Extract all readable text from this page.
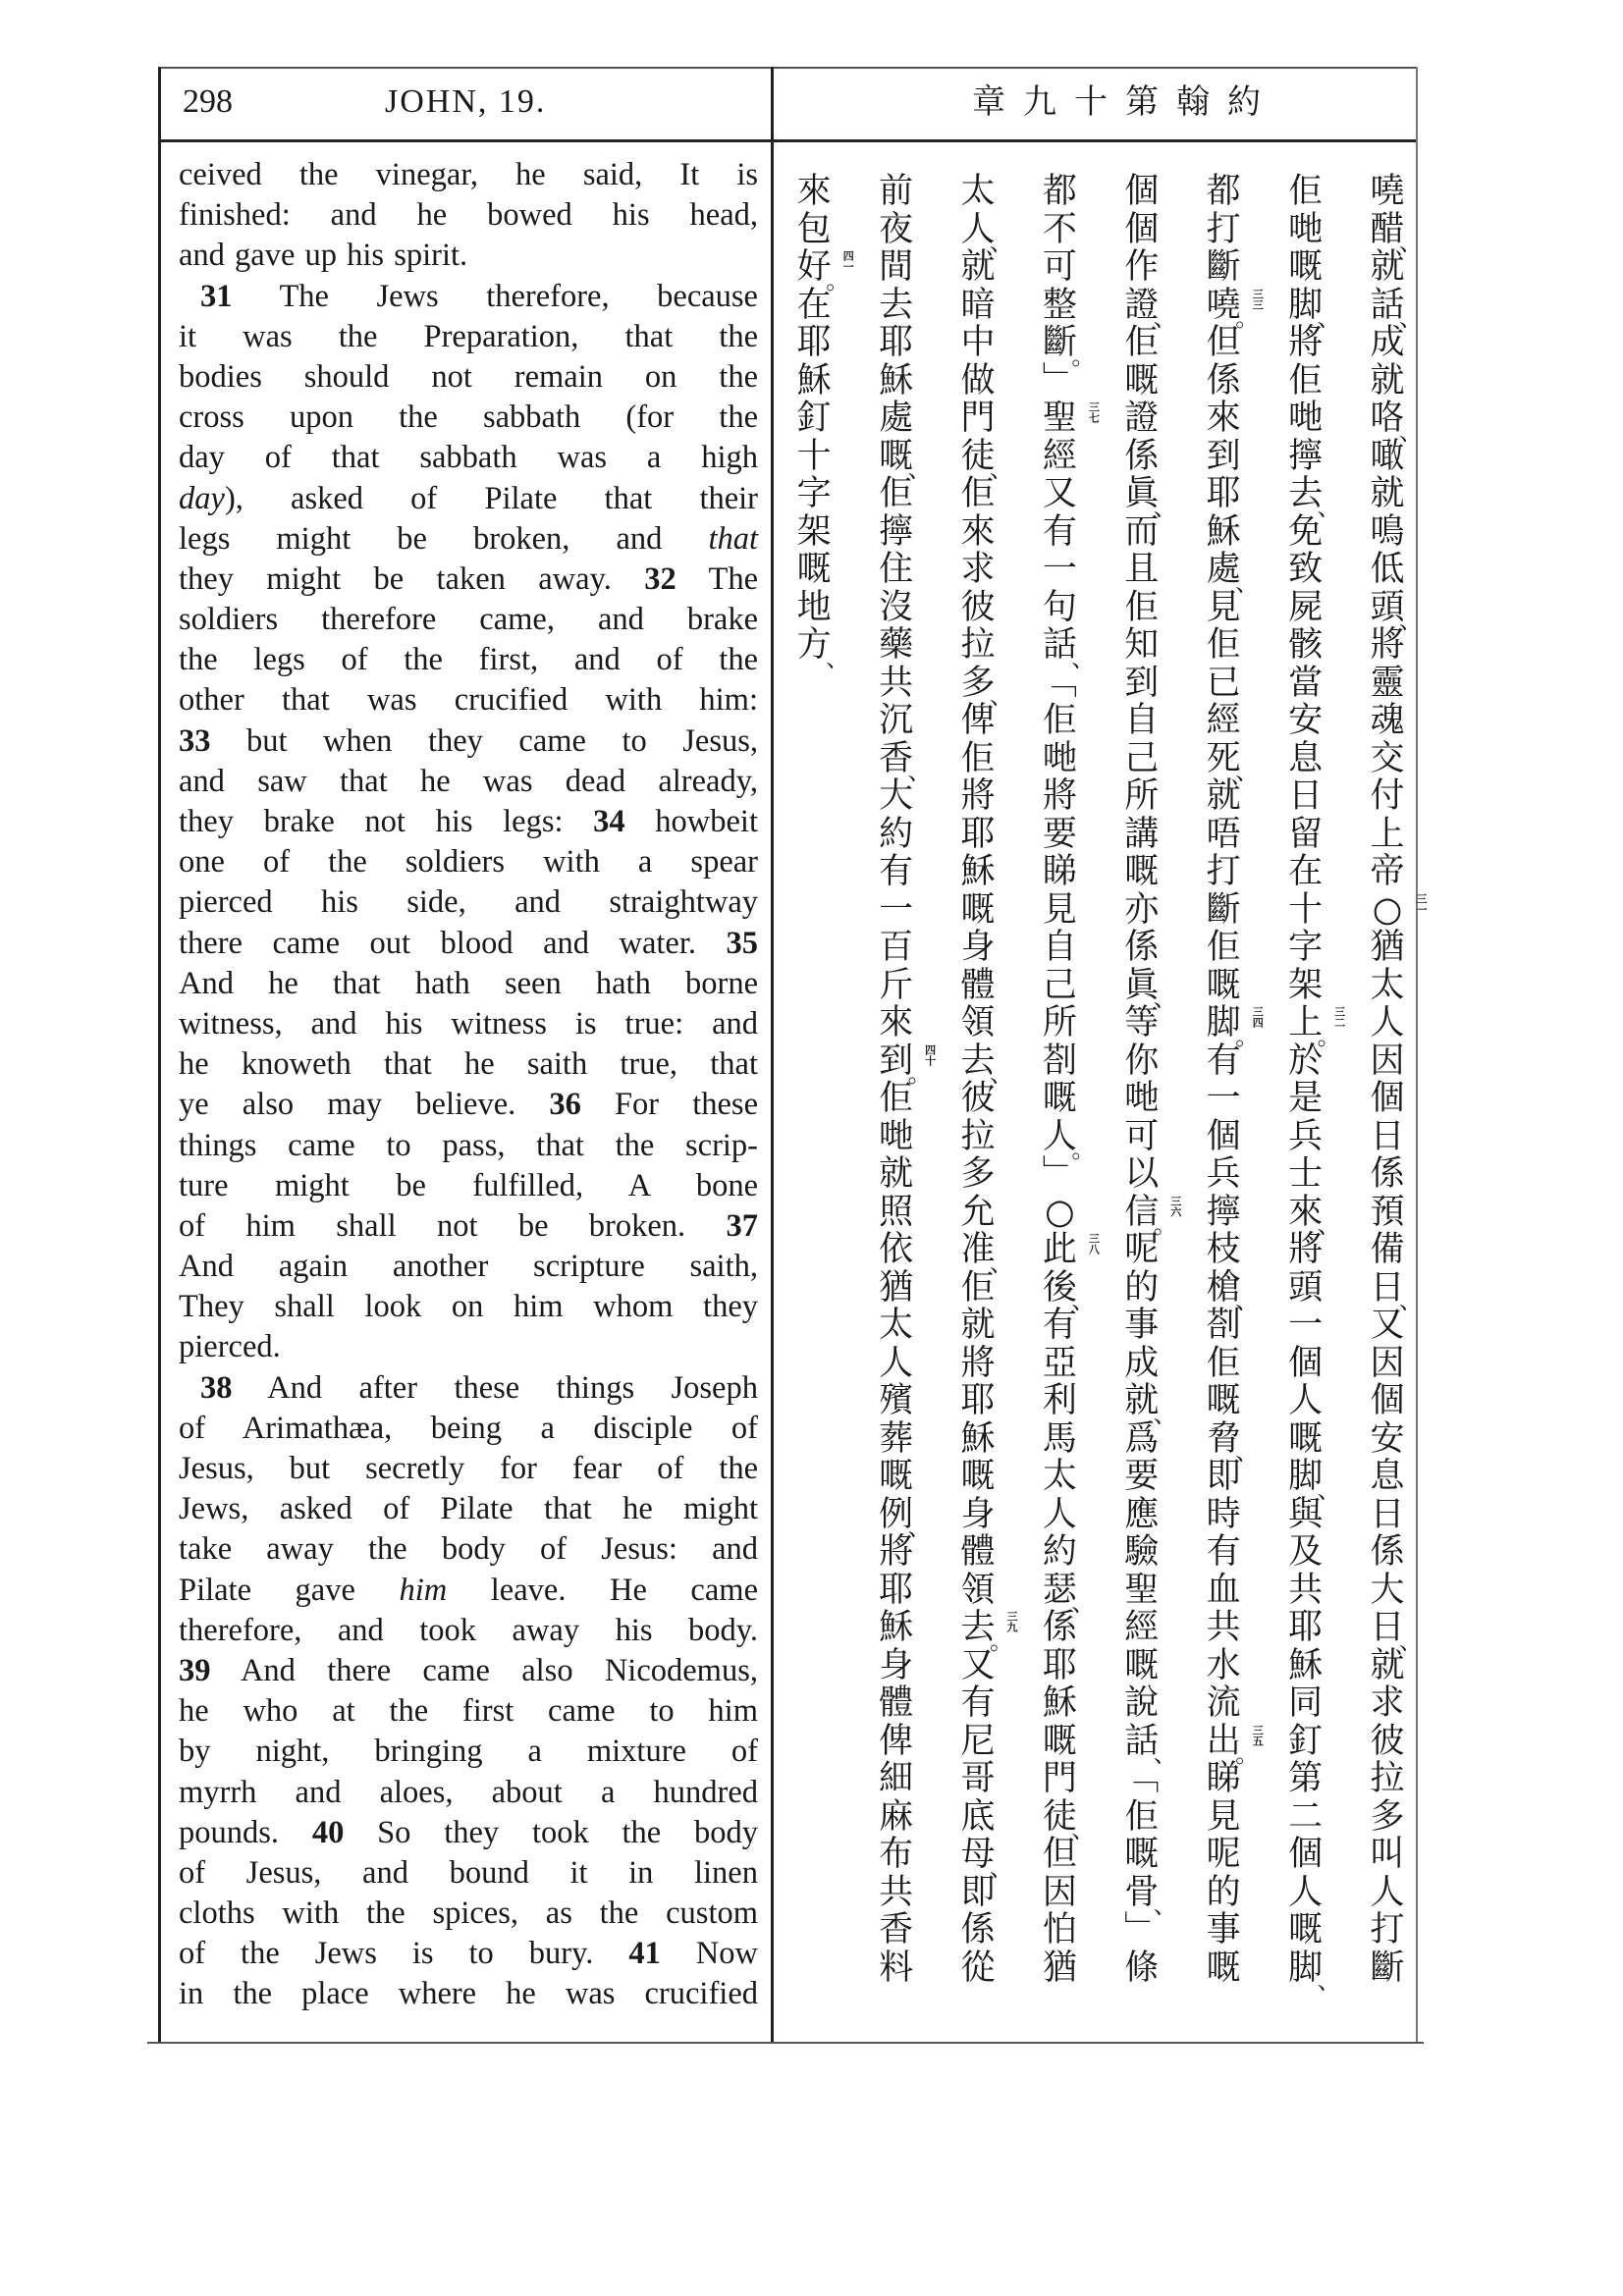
298	JOHN, 19.	約翰第十九章
ceived the vinegar, he said, It is
finished: and he bowed his head,
and gave up his spirit.
31 The Jews therefore, because
it was the Preparation, that the
bodies should not remain on the
cross upon the sabbath (for the
day of that sabbath was a high
day), asked of Pilate that their
legs might be broken, and that
they might be taken away. 32 The
soldiers therefore came, and brake
the legs of the first, and of the
other that was crucified with him:
33 but when they came to Jesus,
and saw that he was dead already,
they brake not his legs: 34 howbeit
one of the soldiers with a spear
pierced his side, and straightway
there came out blood and water. 35
And he that hath seen hath borne
witness, and his witness is true: and
he knoweth that he saith true, that
ye also may believe. 36 For these
things came to pass, that the scrip-
ture might be fulfilled, A bone
of him shall not be broken. 37
And again another scripture saith,
They shall look on him whom they
pierced.
38 And after these things Joseph
of Arimathæa, being a disciple of
Jesus, but secretly for fear of the
Jews, asked of Pilate that he might
take away the body of Jesus: and
Pilate gave him leave. He came
therefore, and took away his body.
39 And there came also Nicodemus,
he who at the first came to him
by night, bringing a mixture of
myrrh and aloes, about a hundred
pounds. 40 So they took the body
of Jesus, and bound it in linen
cloths with the spices, as the custom
of the Jews is to bury. 41 Now
in the place where he was crucified
嘵
醋
、
就
話
、
成
就
咯
、
噉
就
鳴
低
頭
、
將
靈
魂
交
付
上
帝
○ 三一
猶
太
人
因
個
日
係
預
備
日
、
又
因
個
安
息
日
係
大
日
、
就
求
彼
拉
多
叫
人
打
斷
佢
哋
嘅
脚
、
將
佢
哋
擰
去
、
免
致
屍
骸
當
安
息
日
留
在
十
字
架
上
。
三二
於
是
兵
士
來
、
將
頭
一
個
人
嘅
脚
、
與
及
共
耶
穌
同
釘
第
二
個
人
嘅
脚
、
都
打
斷
嘵
。
三三
但
係
來
到
耶
穌
處
、
見
佢
已
經
死
、
就
唔
打
斷
佢
嘅
脚
。
三四
有
一
個
兵
擰
枝
槍
、
剳
佢
嘅
脅
、
即
時
有
血
共
水
流
出
。
三五
睇
見
呢
的
事
嘅
個
個
作
證
、
佢
嘅
證
係
眞
、
而
且
佢
知
到
自
己
所
講
嘅
亦
係
眞
、
等
你
哋
可
以
信
。
三六
呢
的
事
成
就
、
爲
要
應
驗
聖
經
嘅
說
話
、
﹁
佢
嘅
骨
、
﹂
條
都
不
可
整
斷
。
﹂
聖 三七
經
又
有
一
句
話
、
﹁
佢
哋
將
要
睇
見
自
己
所
剳
嘅
人
。
﹂
○
此 三八
後
、
有
亞
利
馬
太
人
約
瑟
、
係
耶
穌
嘅
門
徒
、
但
因
怕
猶
太
人
、
就
暗
中
做
門
徒
、
佢
來
求
彼
拉
多
、
俾
佢
將
耶
穌
嘅
身
體
領
去
、
彼
拉
多
允
准
、
佢
就
將
耶
穌
嘅
身
體
領
去
。
三九
又
有
尼
哥
底
母
、
即
係
從
前
夜
間
去
耶
穌
處
嘅
、
佢
擰
住
沒
藥
共
沉
香
、
大
約
有
一
百
斤
來
到
。
四十
佢
哋
就
照
依
猶
太
人
殯
葬
嘅
例
、
將
耶
穌
身
體
俾
細
麻
布
共
香
料
來
包
好
。
四一
在
耶
穌
釘
十
字
架
嘅
地
方
、
